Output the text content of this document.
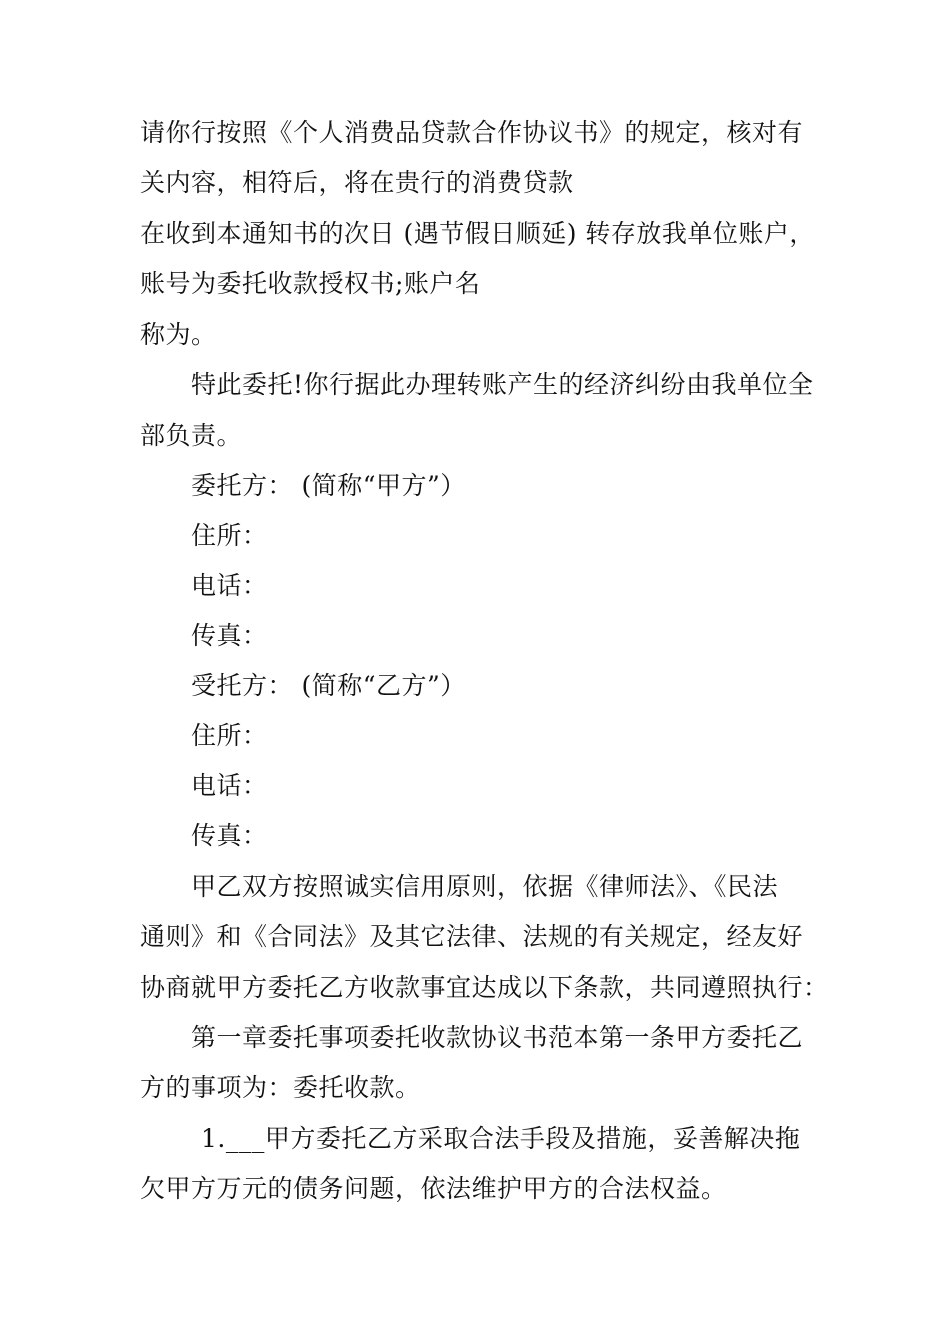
请你行按照《个人消费品贷款合作协议书》的规定，核对有
关内容，相符后，将在贵行的消费贷款
在收到本通知书的次日 (遇节假日顺延) 转存放我单位账户，
账号为委托收款授权书;账户名
称为。
特此委托!你行据此办理转账产生的经济纠纷由我单位全
部负责。
委托方： (简称“甲方”）
住所：
电话：
传真：
受托方： (简称“乙方”）
住所：
电话：
传真：
甲乙双方按照诚实信用原则，依据《律师法》、《民法
通则》和《合同法》及其它法律、法规的有关规定，经友好
协商就甲方委托乙方收款事宜达成以下条款，共同遵照执行：
第一章委托事项委托收款协议书范本第一条甲方委托乙
方的事项为：委托收款。
1.___甲方委托乙方采取合法手段及措施，妥善解决拖
欠甲方万元的债务问题，依法维护甲方的合法权益。
